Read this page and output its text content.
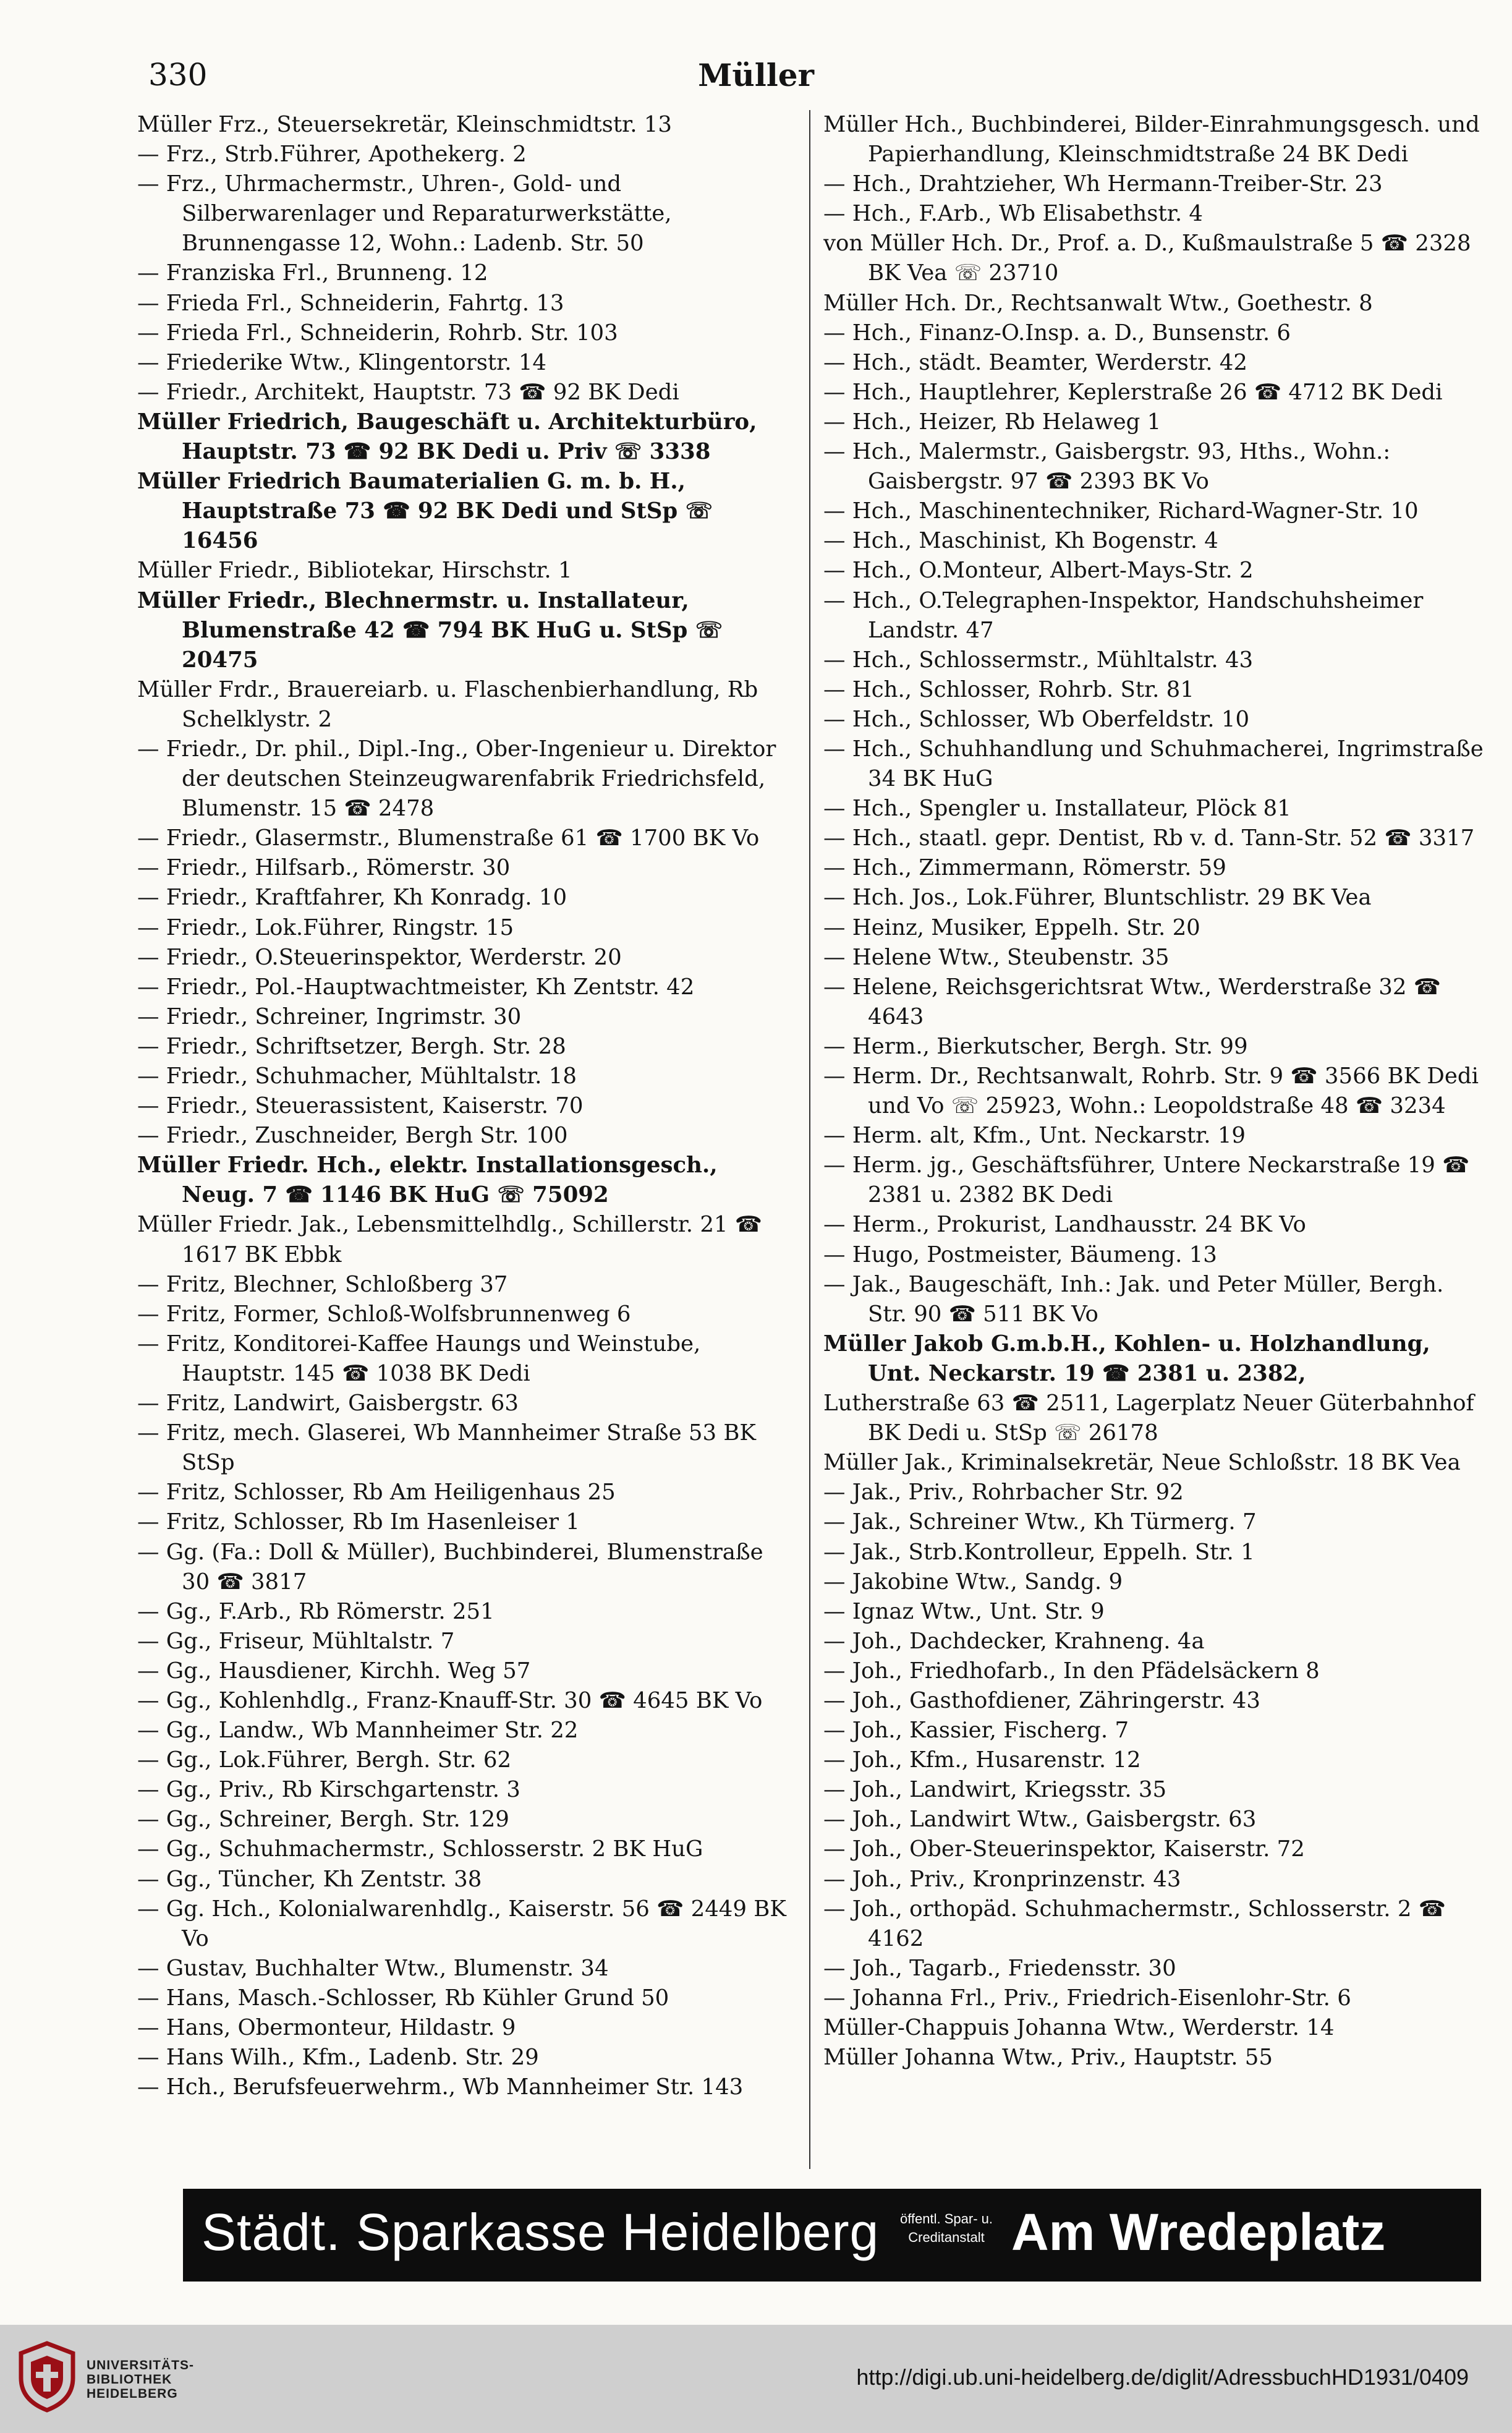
330	Müller

Müller Frz., Steuersekretär, Kleinschmidtstr. 13

— Frz., Strb.Führer, Apothekerg. 2

— Frz., Uhrmachermstr., Uhren-, Gold- und Silberwarenlager und Reparaturwerkstätte, Brunnengasse 12, Wohn.: Ladenb. Str. 50

— Franziska Frl., Brunneng. 12

— Frieda Frl., Schneiderin, Fahrtg. 13

— Frieda Frl., Schneiderin, Rohrb. Str. 103

— Friederike Wtw., Klingentorstr. 14

— Friedr., Architekt, Hauptstr. 73 ☎ 92 BK Dedi

Müller Friedrich, Baugeschäft u. Architekturbüro, Hauptstr. 73 ☎ 92 BK Dedi u. Priv ☏ 3338

Müller Friedrich Baumaterialien G. m. b. H., Hauptstraße 73 ☎ 92 BK Dedi und StSp ☏ 16456

Müller Friedr., Bibliotekar, Hirschstr. 1

Müller Friedr., Blechnermstr. u. Installateur, Blumenstraße 42 ☎ 794 BK HuG u. StSp ☏ 20475

Müller Frdr., Brauereiarb. u. Flaschenbierhandlung, Rb Schelklystr. 2

— Friedr., Dr. phil., Dipl.-Ing., Ober-Ingenieur u. Direktor der deutschen Steinzeugwarenfabrik Friedrichsfeld, Blumenstr. 15 ☎ 2478

— Friedr., Glasermstr., Blumenstraße 61 ☎ 1700 BK Vo

— Friedr., Hilfsarb., Römerstr. 30

— Friedr., Kraftfahrer, Kh Konradg. 10

— Friedr., Lok.Führer, Ringstr. 15

— Friedr., O.Steuerinspektor, Werderstr. 20

— Friedr., Pol.-Hauptwachtmeister, Kh Zentstr. 42

— Friedr., Schreiner, Ingrimstr. 30

— Friedr., Schriftsetzer, Bergh. Str. 28

— Friedr., Schuhmacher, Mühltalstr. 18

— Friedr., Steuerassistent, Kaiserstr. 70

— Friedr., Zuschneider, Bergh Str. 100

Müller Friedr. Hch., elektr. Installationsgesch., Neug. 7 ☎ 1146 BK HuG ☏ 75092

Müller Friedr. Jak., Lebensmittelhdlg., Schillerstr. 21 ☎ 1617 BK Ebbk

— Fritz, Blechner, Schloßberg 37

— Fritz, Former, Schloß-Wolfsbrunnenweg 6

— Fritz, Konditorei-Kaffee Haungs und Weinstube, Hauptstr. 145 ☎ 1038 BK Dedi

— Fritz, Landwirt, Gaisbergstr. 63

— Fritz, mech. Glaserei, Wb Mannheimer Straße 53 BK StSp

— Fritz, Schlosser, Rb Am Heiligenhaus 25

— Fritz, Schlosser, Rb Im Hasenleiser 1

— Gg. (Fa.: Doll & Müller), Buchbinderei, Blumenstraße 30 ☎ 3817

— Gg., F.Arb., Rb Römerstr. 251

— Gg., Friseur, Mühltalstr. 7

— Gg., Hausdiener, Kirchh. Weg 57

— Gg., Kohlenhdlg., Franz-Knauff-Str. 30 ☎ 4645 BK Vo

— Gg., Landw., Wb Mannheimer Str. 22

— Gg., Lok.Führer, Bergh. Str. 62

— Gg., Priv., Rb Kirschgartenstr. 3

— Gg., Schreiner, Bergh. Str. 129

— Gg., Schuhmachermstr., Schlosserstr. 2 BK HuG

— Gg., Tüncher, Kh Zentstr. 38

— Gg. Hch., Kolonialwarenhdlg., Kaiserstr. 56 ☎ 2449 BK Vo

— Gustav, Buchhalter Wtw., Blumenstr. 34

— Hans, Masch.-Schlosser, Rb Kühler Grund 50

— Hans, Obermonteur, Hildastr. 9

— Hans Wilh., Kfm., Ladenb. Str. 29

— Hch., Berufsfeuerwehrm., Wb Mannheimer Str. 143

Müller Hch., Buchbinderei, Bilder-Einrahmungsgesch. und Papierhandlung, Kleinschmidtstraße 24 BK Dedi

— Hch., Drahtzieher, Wh Hermann-Treiber-Str. 23

— Hch., F.Arb., Wb Elisabethstr. 4

von Müller Hch. Dr., Prof. a. D., Kußmaulstraße 5 ☎ 2328 BK Vea ☏ 23710

Müller Hch. Dr., Rechtsanwalt Wtw., Goethestr. 8

— Hch., Finanz-O.Insp. a. D., Bunsenstr. 6

— Hch., städt. Beamter, Werderstr. 42

— Hch., Hauptlehrer, Keplerstraße 26 ☎ 4712 BK Dedi

— Hch., Heizer, Rb Helaweg 1

— Hch., Malermstr., Gaisbergstr. 93, Hths., Wohn.: Gaisbergstr. 97 ☎ 2393 BK Vo

— Hch., Maschinentechniker, Richard-Wagner-Str. 10

— Hch., Maschinist, Kh Bogenstr. 4

— Hch., O.Monteur, Albert-Mays-Str. 2

— Hch., O.Telegraphen-Inspektor, Handschuhsheimer Landstr. 47

— Hch., Schlossermstr., Mühltalstr. 43

— Hch., Schlosser, Rohrb. Str. 81

— Hch., Schlosser, Wb Oberfeldstr. 10

— Hch., Schuhhandlung und Schuhmacherei, Ingrimstraße 34 BK HuG

— Hch., Spengler u. Installateur, Plöck 81

— Hch., staatl. gepr. Dentist, Rb v. d. Tann-Str. 52 ☎ 3317

— Hch., Zimmermann, Römerstr. 59

— Hch. Jos., Lok.Führer, Bluntschlistr. 29 BK Vea

— Heinz, Musiker, Eppelh. Str. 20

— Helene Wtw., Steubenstr. 35

— Helene, Reichsgerichtsrat Wtw., Werderstraße 32 ☎ 4643

— Herm., Bierkutscher, Bergh. Str. 99

— Herm. Dr., Rechtsanwalt, Rohrb. Str. 9 ☎ 3566 BK Dedi und Vo ☏ 25923, Wohn.: Leopoldstraße 48 ☎ 3234

— Herm. alt, Kfm., Unt. Neckarstr. 19

— Herm. jg., Geschäftsführer, Untere Neckarstraße 19 ☎ 2381 u. 2382 BK Dedi

— Herm., Prokurist, Landhausstr. 24 BK Vo

— Hugo, Postmeister, Bäumeng. 13

— Jak., Baugeschäft, Inh.: Jak. und Peter Müller, Bergh. Str. 90 ☎ 511 BK Vo

Müller Jakob G.m.b.H., Kohlen- u. Holzhandlung, Unt. Neckarstr. 19 ☎ 2381 u. 2382,

Lutherstraße 63 ☎ 2511, Lagerplatz Neuer Güterbahnhof BK Dedi u. StSp ☏ 26178

Müller Jak., Kriminalsekretär, Neue Schloßstr. 18 BK Vea

— Jak., Priv., Rohrbacher Str. 92

— Jak., Schreiner Wtw., Kh Türmerg. 7

— Jak., Strb.Kontrolleur, Eppelh. Str. 1

— Jakobine Wtw., Sandg. 9

— Ignaz Wtw., Unt. Str. 9

— Joh., Dachdecker, Krahneng. 4a

— Joh., Friedhofarb., In den Pfädelsäckern 8

— Joh., Gasthofdiener, Zähringerstr. 43

— Joh., Kassier, Fischerg. 7

— Joh., Kfm., Husarenstr. 12

— Joh., Landwirt, Kriegsstr. 35

— Joh., Landwirt Wtw., Gaisbergstr. 63

— Joh., Ober-Steuerinspektor, Kaiserstr. 72

— Joh., Priv., Kronprinzenstr. 43

— Joh., orthopäd. Schuhmachermstr., Schlosserstr. 2 ☎ 4162

— Joh., Tagarb., Friedensstr. 30

— Johanna Frl., Priv., Friedrich-Eisenlohr-Str. 6

Müller-Chappuis Johanna Wtw., Werderstr. 14

Müller Johanna Wtw., Priv., Hauptstr. 55

Städt. Sparkasse Heidelberg	öffentl. Spar- u. Creditanstalt Am Wredeplatz
UNIVERSITÄTS-
BIBLIOTHEK
HEIDELBERG
http://digi.ub.uni-heidelberg.de/diglit/AdressbuchHD1931/0409
